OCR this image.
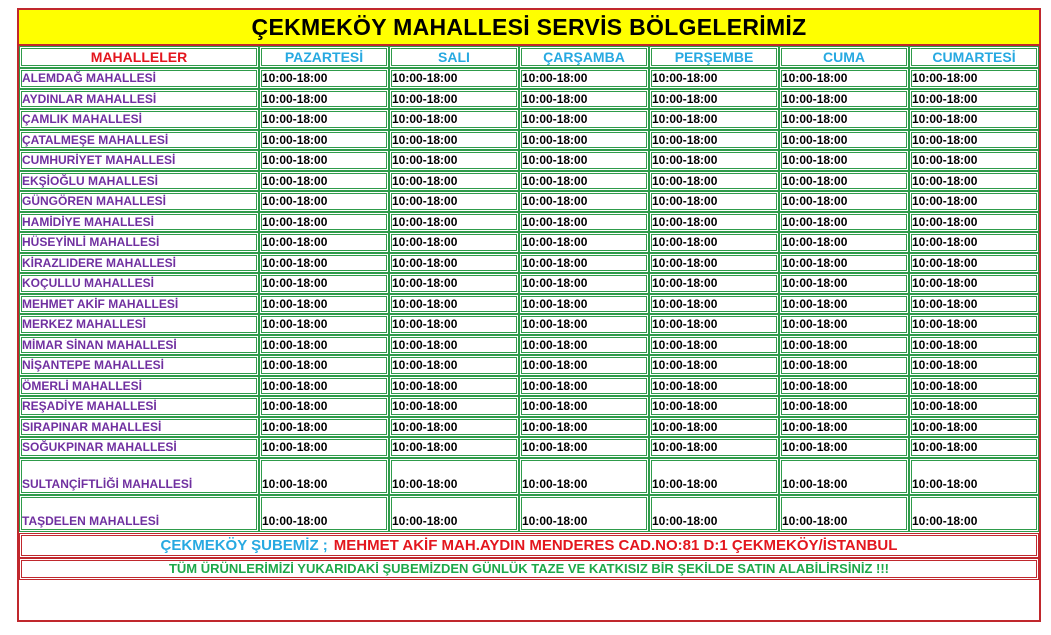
ÇEKMEKÖY MAHALLESİ SERVİS BÖLGELERİMİZ
MAHALLELER	PAZARTESİ	SALI	ÇARŞAMBA	PERŞEMBE	CUMA	CUMARTESİ
ALEMDAĞ MAHALLESİ	10:00-18:00	10:00-18:00	10:00-18:00	10:00-18:00	10:00-18:00	10:00-18:00
AYDINLAR MAHALLESİ	10:00-18:00	10:00-18:00	10:00-18:00	10:00-18:00	10:00-18:00	10:00-18:00
ÇAMLIK MAHALLESİ	10:00-18:00	10:00-18:00	10:00-18:00	10:00-18:00	10:00-18:00	10:00-18:00
ÇATALMEŞE MAHALLESİ	10:00-18:00	10:00-18:00	10:00-18:00	10:00-18:00	10:00-18:00	10:00-18:00
CUMHURİYET MAHALLESİ	10:00-18:00	10:00-18:00	10:00-18:00	10:00-18:00	10:00-18:00	10:00-18:00
EKŞİOĞLU MAHALLESİ	10:00-18:00	10:00-18:00	10:00-18:00	10:00-18:00	10:00-18:00	10:00-18:00
GÜNGÖREN MAHALLESİ	10:00-18:00	10:00-18:00	10:00-18:00	10:00-18:00	10:00-18:00	10:00-18:00
HAMİDİYE MAHALLESİ	10:00-18:00	10:00-18:00	10:00-18:00	10:00-18:00	10:00-18:00	10:00-18:00
HÜSEYİNLİ MAHALLESİ	10:00-18:00	10:00-18:00	10:00-18:00	10:00-18:00	10:00-18:00	10:00-18:00
KİRAZLIDERE MAHALLESİ	10:00-18:00	10:00-18:00	10:00-18:00	10:00-18:00	10:00-18:00	10:00-18:00
KOÇULLU MAHALLESİ	10:00-18:00	10:00-18:00	10:00-18:00	10:00-18:00	10:00-18:00	10:00-18:00
MEHMET AKİF MAHALLESİ	10:00-18:00	10:00-18:00	10:00-18:00	10:00-18:00	10:00-18:00	10:00-18:00
MERKEZ MAHALLESİ	10:00-18:00	10:00-18:00	10:00-18:00	10:00-18:00	10:00-18:00	10:00-18:00
MİMAR SİNAN MAHALLESİ	10:00-18:00	10:00-18:00	10:00-18:00	10:00-18:00	10:00-18:00	10:00-18:00
NİŞANTEPE MAHALLESİ	10:00-18:00	10:00-18:00	10:00-18:00	10:00-18:00	10:00-18:00	10:00-18:00
ÖMERLİ MAHALLESİ	10:00-18:00	10:00-18:00	10:00-18:00	10:00-18:00	10:00-18:00	10:00-18:00
REŞADİYE MAHALLESİ	10:00-18:00	10:00-18:00	10:00-18:00	10:00-18:00	10:00-18:00	10:00-18:00
SIRAPINAR MAHALLESİ	10:00-18:00	10:00-18:00	10:00-18:00	10:00-18:00	10:00-18:00	10:00-18:00
SOĞUKPINAR MAHALLESİ	10:00-18:00	10:00-18:00	10:00-18:00	10:00-18:00	10:00-18:00	10:00-18:00
SULTANÇİFTLİĞİ MAHALLESİ	10:00-18:00	10:00-18:00	10:00-18:00	10:00-18:00	10:00-18:00	10:00-18:00
TAŞDELEN MAHALLESİ	10:00-18:00	10:00-18:00	10:00-18:00	10:00-18:00	10:00-18:00	10:00-18:00
ÇEKMEKÖY ŞUBEMİZ ; MEHMET AKİF MAH.AYDIN MENDERES CAD.NO:81 D:1 ÇEKMEKÖY/İSTANBUL
TÜM ÜRÜNLERİMİZİ YUKARIDAKİ ŞUBEMİZDEN GÜNLÜK TAZE VE KATKISIZ BİR ŞEKİLDE SATIN ALABİLİRSİNİZ !!!
